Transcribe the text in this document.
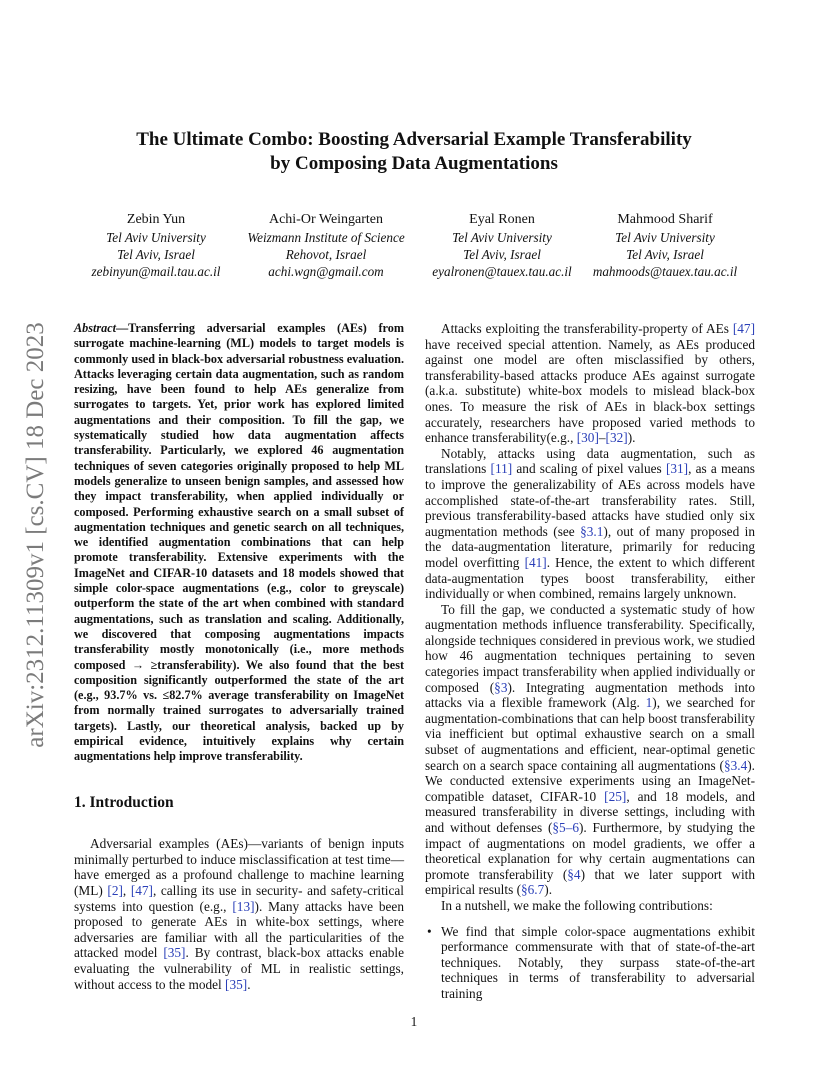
arXiv:2312.11309v1 [cs.CV] 18 Dec 2023
The Ultimate Combo: Boosting Adversarial Example Transferability
by Composing Data Augmentations
Zebin Yun
Tel Aviv University
Tel Aviv, Israel
zebinyun@mail.tau.ac.il
Achi-Or Weingarten
Weizmann Institute of Science
Rehovot, Israel
achi.wgn@gmail.com
Eyal Ronen
Tel Aviv University
Tel Aviv, Israel
eyalronen@tauex.tau.ac.il
Mahmood Sharif
Tel Aviv University
Tel Aviv, Israel
mahmoods@tauex.tau.ac.il

Abstract—Transferring adversarial examples (AEs) from surrogate machine-learning (ML) models to target models is commonly used in black-box adversarial robustness evaluation. Attacks leveraging certain data augmentation, such as random resizing, have been found to help AEs generalize from surrogates to targets. Yet, prior work has explored limited augmentations and their composition. To fill the gap, we systematically studied how data augmentation affects transferability. Particularly, we explored 46 augmentation techniques of seven categories originally proposed to help ML models generalize to unseen benign samples, and assessed how they impact transferability, when applied individually or composed. Performing exhaustive search on a small subset of augmentation techniques and genetic search on all techniques, we identified augmentation combinations that can help promote transferability. Extensive experiments with the ImageNet and CIFAR-10 datasets and 18 models showed that simple color-space augmentations (e.g., color to greyscale) outperform the state of the art when combined with standard augmentations, such as translation and scaling. Additionally, we discovered that composing augmentations impacts transferability mostly monotonically (i.e., more methods composed → ≥transferability). We also found that the best composition significantly outperformed the state of the art (e.g., 93.7% vs. ≤82.7% average transferability on ImageNet from normally trained surrogates to adversarially trained targets). Lastly, our theoretical analysis, backed up by empirical evidence, intuitively explains why certain augmentations help improve transferability.

1. Introduction

Adversarial examples (AEs)—variants of benign inputs minimally perturbed to induce misclassification at test time—have emerged as a profound challenge to machine learning (ML) [2], [47], calling its use in security- and safety-critical systems into question (e.g., [13]). Many attacks have been proposed to generate AEs in white-box settings, where adversaries are familiar with all the particularities of the attacked model [35]. By contrast, black-box attacks enable evaluating the vulnerability of ML in realistic settings, without access to the model [35].

Attacks exploiting the transferability-property of AEs [47] have received special attention. Namely, as AEs produced against one model are often misclassified by others, transferability-based attacks produce AEs against surrogate (a.k.a. substitute) white-box models to mislead black-box ones. To measure the risk of AEs in black-box settings accurately, researchers have proposed varied methods to enhance transferability(e.g., [30]–[32]).

Notably, attacks using data augmentation, such as translations [11] and scaling of pixel values [31], as a means to improve the generalizability of AEs across models have accomplished state-of-the-art transferability rates. Still, previous transferability-based attacks have studied only six augmentation methods (see §3.1), out of many proposed in the data-augmentation literature, primarily for reducing model overfitting [41]. Hence, the extent to which different data-augmentation types boost transferability, either individually or when combined, remains largely unknown.

To fill the gap, we conducted a systematic study of how augmentation methods influence transferability. Specifically, alongside techniques considered in previous work, we studied how 46 augmentation techniques pertaining to seven categories impact transferability when applied individually or composed (§3). Integrating augmentation methods into attacks via a flexible framework (Alg. 1), we searched for augmentation-combinations that can help boost transferability via inefficient but optimal exhaustive search on a small subset of augmentations and efficient, near-optimal genetic search on a search space containing all augmentations (§3.4). We conducted extensive experiments using an ImageNet-compatible dataset, CIFAR-10 [25], and 18 models, and measured transferability in diverse settings, including with and without defenses (§5–6). Furthermore, by studying the impact of augmentations on model gradients, we offer a theoretical explanation for why certain augmentations can promote transferability (§4) that we later support with empirical results (§6.7).

In a nutshell, we make the following contributions:

• We find that simple color-space augmentations exhibit performance commensurate with that of state-of-the-art techniques. Notably, they surpass state-of-the-art techniques in terms of transferability to adversarial training
1
